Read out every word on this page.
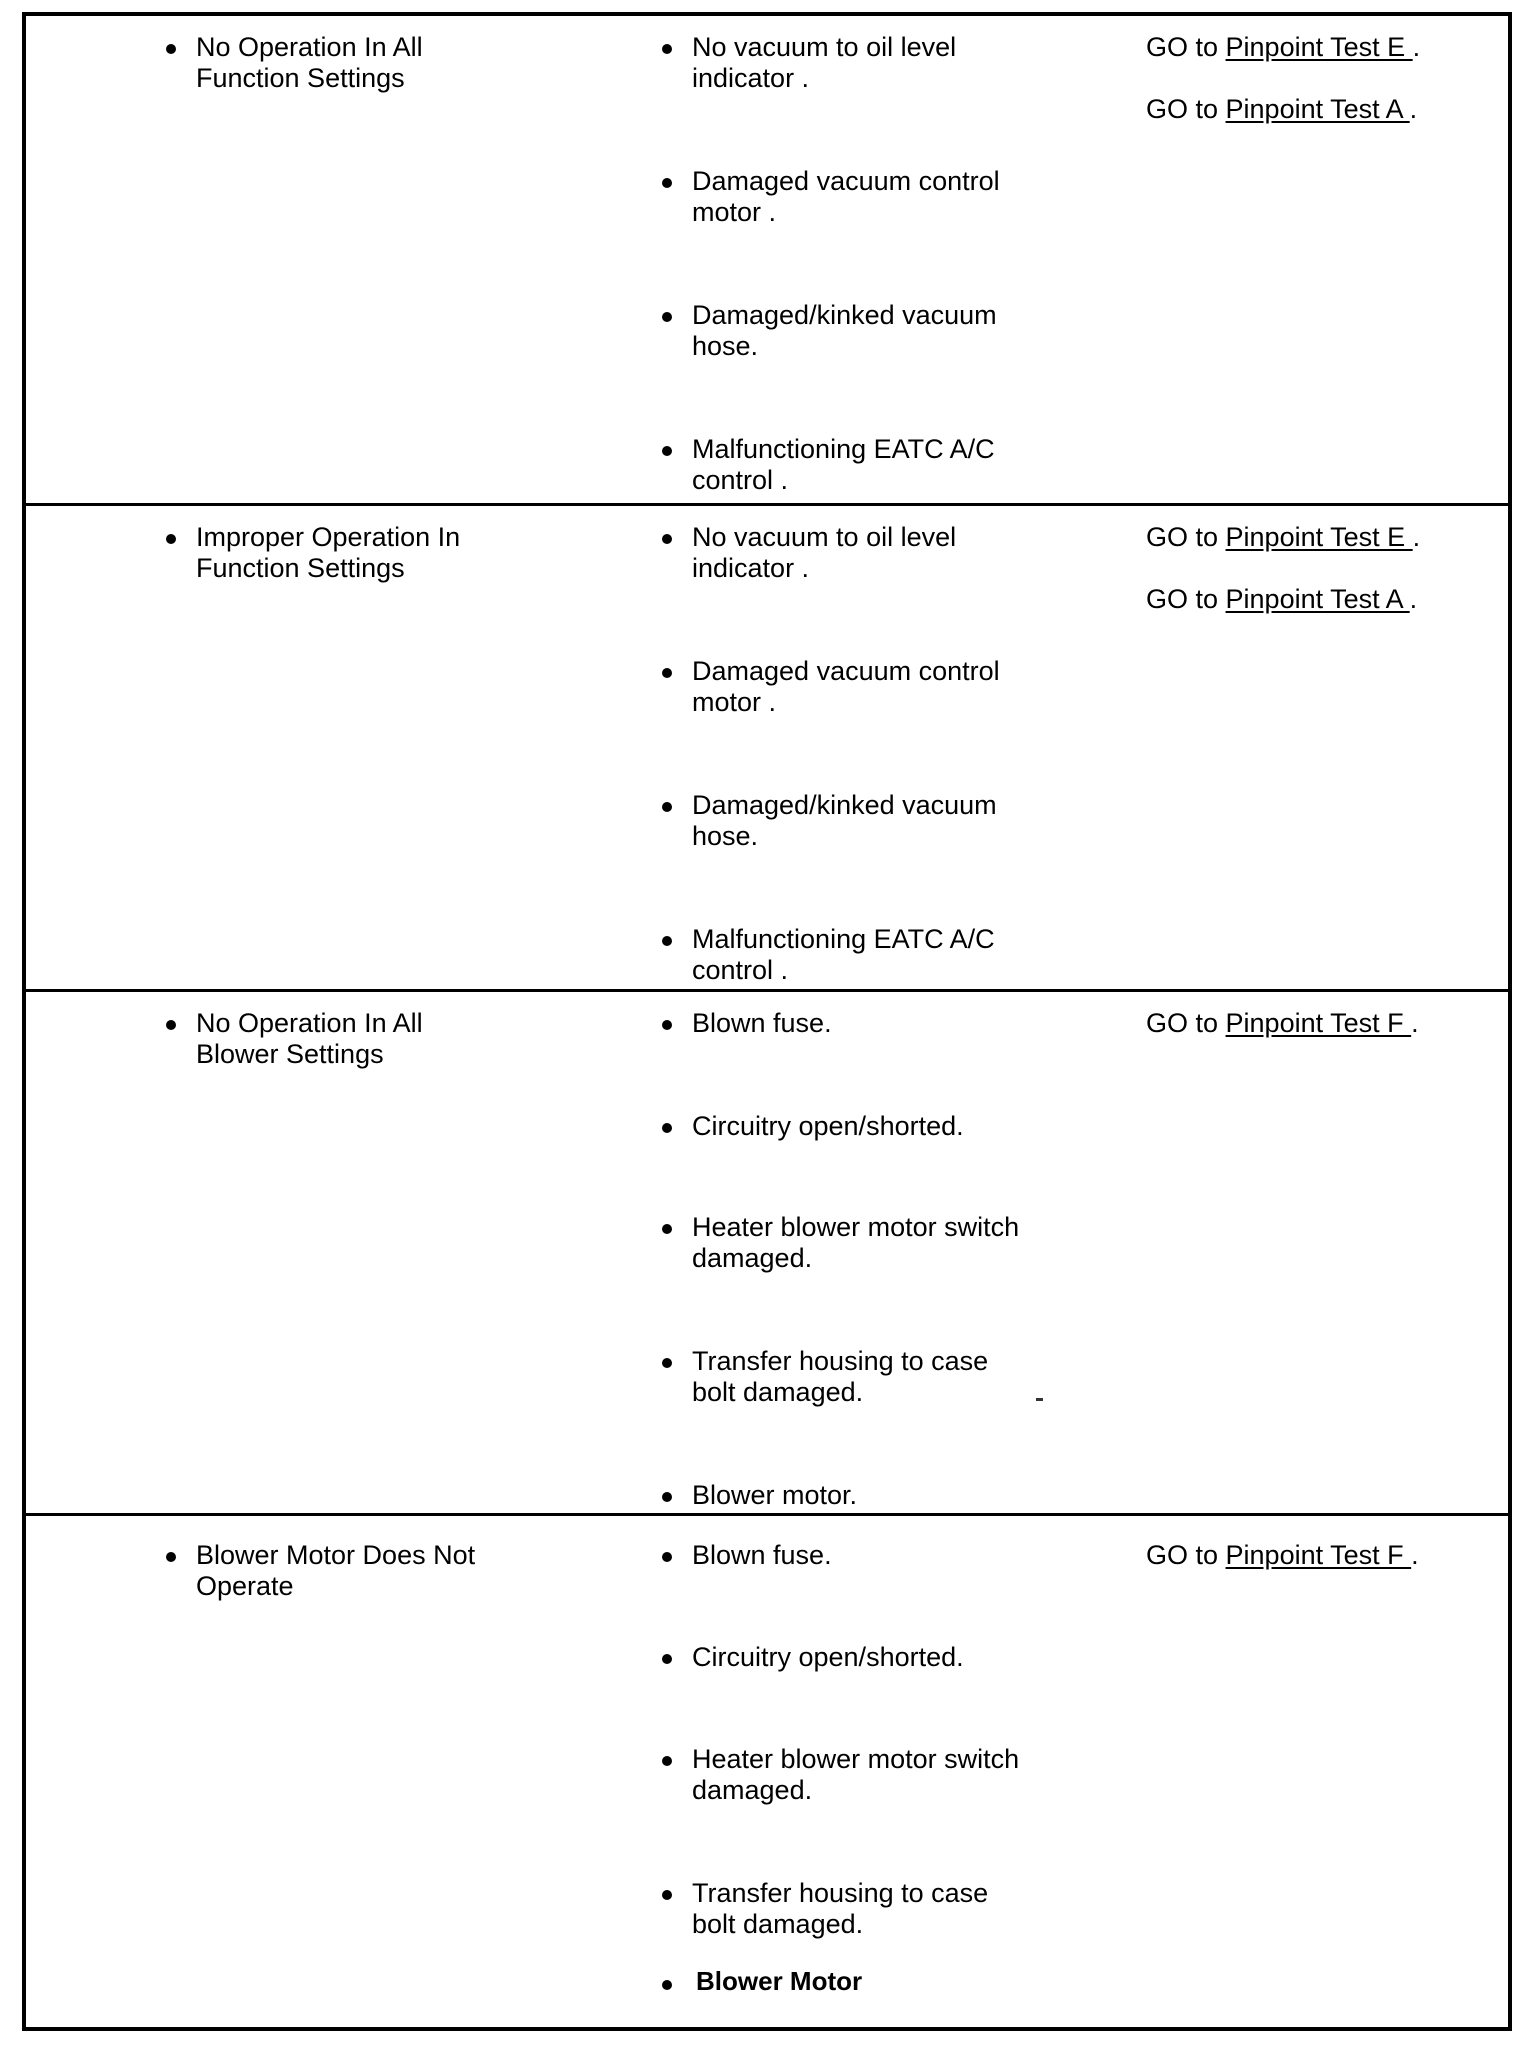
No Operation In All
Function Settings
No vacuum to oil level
indicator .
Damaged vacuum control
motor .
Damaged/kinked vacuum
hose.
Malfunctioning EATC A/C
control .
GO to Pinpoint Test E .
GO to Pinpoint Test A .
Improper Operation In
Function Settings
No vacuum to oil level
indicator .
Damaged vacuum control
motor .
Damaged/kinked vacuum
hose.
Malfunctioning EATC A/C
control .
GO to Pinpoint Test E .
GO to Pinpoint Test A .
No Operation In All
Blower Settings
Blown fuse.
Circuitry open/shorted.
Heater blower motor switch
damaged.
Transfer housing to case
bolt damaged.
Blower motor.
GO to Pinpoint Test F .
Blower Motor Does Not
Operate
Blown fuse.
Circuitry open/shorted.
Heater blower motor switch
damaged.
Transfer housing to case
bolt damaged.
Blower Motor
GO to Pinpoint Test F .
